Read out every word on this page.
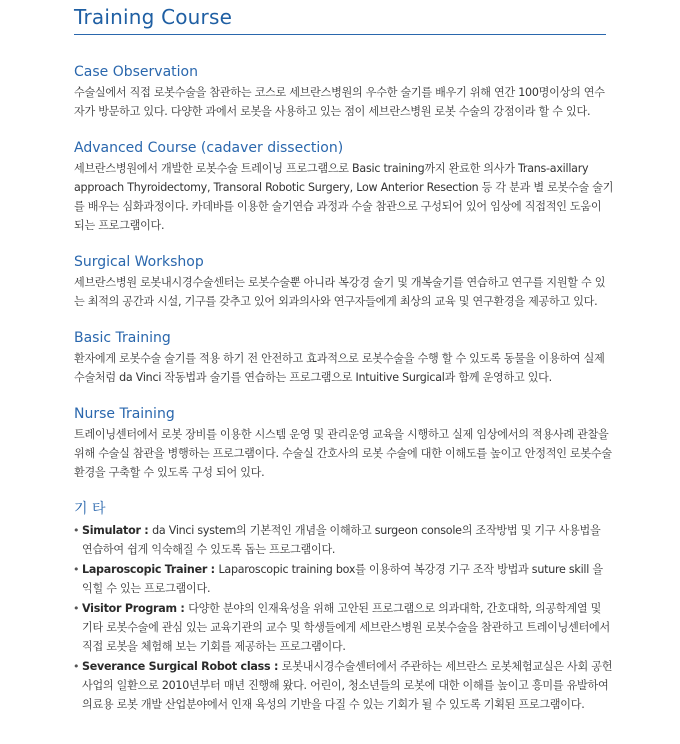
Training Course
Case Observation

수술실에서 직접 로봇수술을 참관하는 코스로 세브란스병원의 우수한 술기를 배우기 위해 연간 100명이상의 연수자가 방문하고 있다. 다양한 과에서 로봇을 사용하고 있는 점이 세브란스병원 로봇 수술의 강점이라 할 수 있다.

Advanced Course (cadaver dissection)

세브란스병원에서 개발한 로봇수술 트레이닝 프로그램으로 Basic training까지 완료한 의사가 Trans-axillary approach Thyroidectomy, Transoral Robotic Surgery, Low Anterior Resection 등 각 분과 별 로봇수술 술기를 배우는 심화과정이다. 카데바를 이용한 술기연습 과정과 수술 참관으로 구성되어 있어 임상에 직접적인 도움이 되는 프로그램이다.

Surgical Workshop

세브란스병원 로봇내시경수술센터는 로봇수술뿐 아니라 복강경 술기 및 개복술기를 연습하고 연구를 지원할 수 있는 최적의 공간과 시설, 기구를 갖추고 있어 외과의사와 연구자들에게 최상의 교육 및 연구환경을 제공하고 있다.

Basic Training

환자에게 로봇수술 술기를 적용 하기 전 안전하고 효과적으로 로봇수술을 수행 할 수 있도록 동물을 이용하여 실제 수술처럼 da Vinci 작동법과 술기를 연습하는 프로그램으로 Intuitive Surgical과 함께 운영하고 있다.

Nurse Training

트레이닝센터에서 로봇 장비를 이용한 시스템 운영 및 관리운영 교육을 시행하고 실제 임상에서의 적용사례 관찰을 위해 수술실 참관을 병행하는 프로그램이다. 수술실 간호사의 로봇 수술에 대한 이해도를 높이고 안정적인 로봇수술 환경을 구축할 수 있도록 구성 되어 있다.

기 타
• Simulator : da Vinci system의 기본적인 개념을 이해하고 surgeon console의 조작방법 및 기구 사용법을 연습하여 쉽게 익숙해질 수 있도록 돕는 프로그램이다.
• Laparoscopic Trainer : Laparoscopic training box를 이용하여 복강경 기구 조작 방법과 suture skill 을 익힐 수 있는 프로그램이다.
• Visitor Program : 다양한 분야의 인재육성을 위해 고안된 프로그램으로 의과대학, 간호대학, 의공학계열 및 기타 로봇수술에 관심 있는 교육기관의 교수 및 학생들에게 세브란스병원 로봇수술을 참관하고 트레이닝센터에서 직접 로봇을 체험해 보는 기회를 제공하는 프로그램이다.
• Severance Surgical Robot class : 로봇내시경수술센터에서 주관하는 세브란스 로봇체험교실은 사회 공헌 사업의 일환으로 2010년부터 매년 진행해 왔다. 어린이, 청소년들의 로봇에 대한 이해를 높이고 흥미를 유발하여 의료용 로봇 개발 산업분야에서 인재 육성의 기반을 다질 수 있는 기회가 될 수 있도록 기획된 프로그램이다.
